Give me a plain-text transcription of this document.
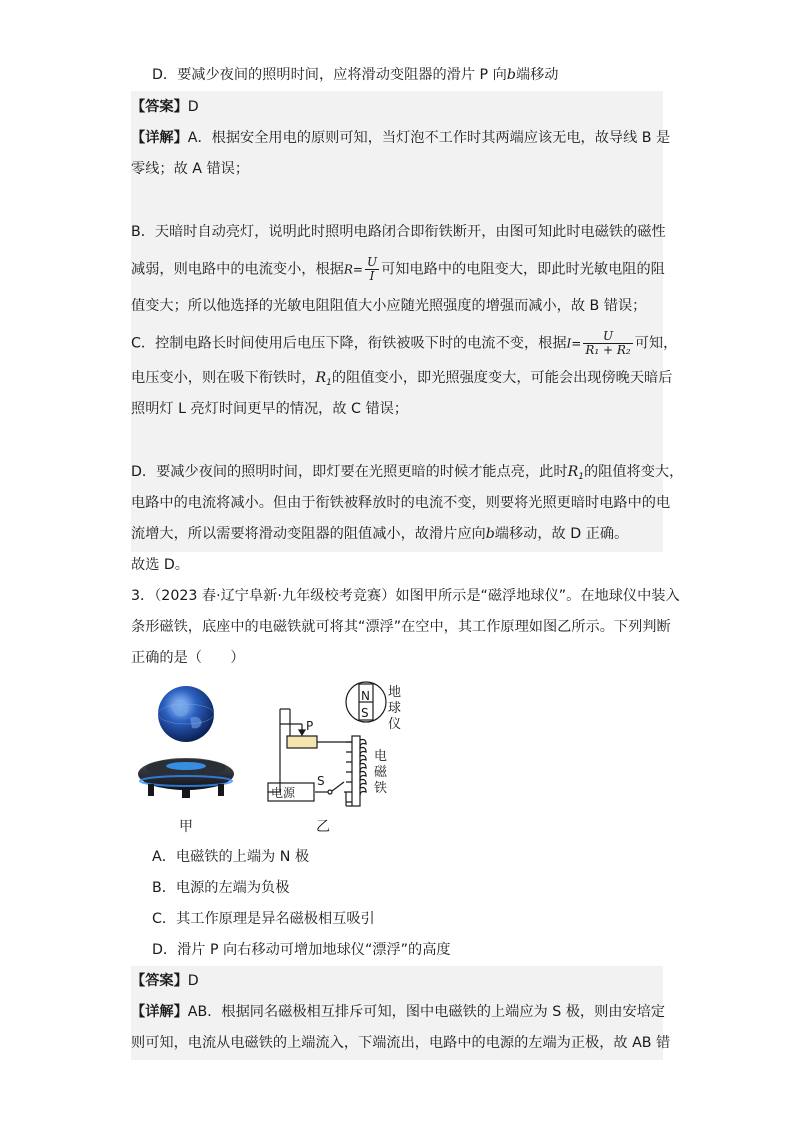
D．要减少夜间的照明时间，应将滑动变阻器的滑片 P 向b端移动
【答案】D
【详解】A．根据安全用电的原则可知，当灯泡不工作时其两端应该无电，故导线 B 是
零线；故 A 错误；
B．天暗时自动亮灯，说明此时照明电路闭合即衔铁断开，由图可知此时电磁铁的磁性
减弱，则电路中的电流变小，根据$R= \frac{U}{I}$ 可知电路中的电阻变大，即此时光敏电阻的阻
值变大；所以他选择的光敏电阻阻值大小应随光照强度的增强而减小，故 B 错误；
C．控制电路长时间使用后电压下降，衔铁被吸下时的电流不变，根据$I= \frac{U}{\text{R₁ + R₂}}$ 可知，
电压变小，则在吸下衔铁时，$R_1$的阻值变小，即光照强度变大，可能会出现傍晚天暗后
照明灯 L 亮灯时间更早的情况，故 C 错误；
D．要减少夜间的照明时间，即灯要在光照更暗的时候才能点亮，此时$R_1$的阻值将变大，
电路中的电流将减小。但由于衔铁被释放时的电流不变，则要将光照更暗时电路中的电
流增大，所以需要将滑动变阻器的阻值减小，故滑片应向b端移动，故 D 正确。
故选 D。
3．（2023 春·辽宁阜新·九年级校考竞赛）如图甲所示是“磁浮地球仪”。在地球仪中装入
条形磁铁，底座中的电磁铁就可将其“漂浮”在空中，其工作原理如图乙所示。下列判断
正确的是（　　）
N
S
P
S
电源
地
球
仪
电
磁
铁
甲	乙
A．电磁铁的上端为 N 极
B．电源的左端为负极
C．其工作原理是异名磁极相互吸引
D．滑片 P 向右移动可增加地球仪“漂浮”的高度
【答案】D
【详解】AB．根据同名磁极相互排斥可知，图中电磁铁的上端应为 S 极，则由安培定
则可知，电流从电磁铁的上端流入，下端流出，电路中的电源的左端为正极，故 AB 错
